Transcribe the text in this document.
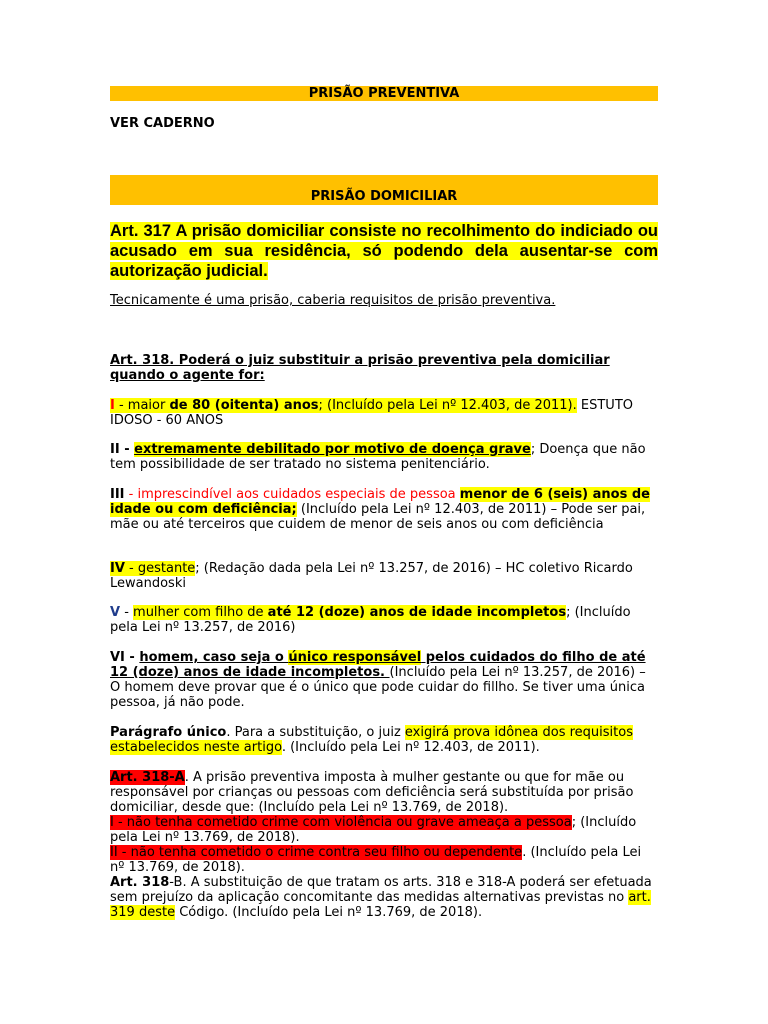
PRISÃO PREVENTIVA
VER CADERNO
PRISÃO DOMICILIAR

Art. 317 A prisão domiciliar consiste no recolhimento do indiciado ou acusado em sua residência, só podendo dela ausentar-se com autorização judicial.

Tecnicamente é uma prisão, caberia requisitos de prisão preventiva.

Art. 318. Poderá o juiz substituir a prisão preventiva pela domiciliar quando o agente for:

I - maior de 80 (oitenta) anos; (Incluído pela Lei nº 12.403, de 2011). ESTUTO IDOSO - 60 ANOS

II - extremamente debilitado por motivo de doença grave; Doença que não tem possibilidade de ser tratado no sistema penitenciário.

III - imprescindível aos cuidados especiais de pessoa menor de 6 (seis) anos de idade ou com deficiência; (Incluído pela Lei nº 12.403, de 2011) – Pode ser pai, mãe ou até terceiros que cuidem de menor de seis anos ou com deficiência

IV - gestante; (Redação dada pela Lei nº 13.257, de 2016) – HC coletivo Ricardo Lewandoski

V - mulher com filho de até 12 (doze) anos de idade incompletos; (Incluído pela Lei nº 13.257, de 2016)

VI - homem, caso seja o único responsável pelos cuidados do filho de até 12 (doze) anos de idade incompletos. (Incluído pela Lei nº 13.257, de 2016) – O homem deve provar que é o único que pode cuidar do fillho. Se tiver uma única pessoa, já não pode.

Parágrafo único. Para a substituição, o juiz exigirá prova idônea dos requisitos estabelecidos neste artigo. (Incluído pela Lei nº 12.403, de 2011).

Art. 318-A. A prisão preventiva imposta à mulher gestante ou que for mãe ou responsável por crianças ou pessoas com deficiência será substituída por prisão domiciliar, desde que: (Incluído pela Lei nº 13.769, de 2018).

I - não tenha cometido crime com violência ou grave ameaça a pessoa; (Incluído pela Lei nº 13.769, de 2018).

II - não tenha cometido o crime contra seu filho ou dependente. (Incluído pela Lei nº 13.769, de 2018).

Art. 318-B. A substituição de que tratam os arts. 318 e 318-A poderá ser efetuada sem prejuízo da aplicação concomitante das medidas alternativas previstas no art. 319 deste Código. (Incluído pela Lei nº 13.769, de 2018).
